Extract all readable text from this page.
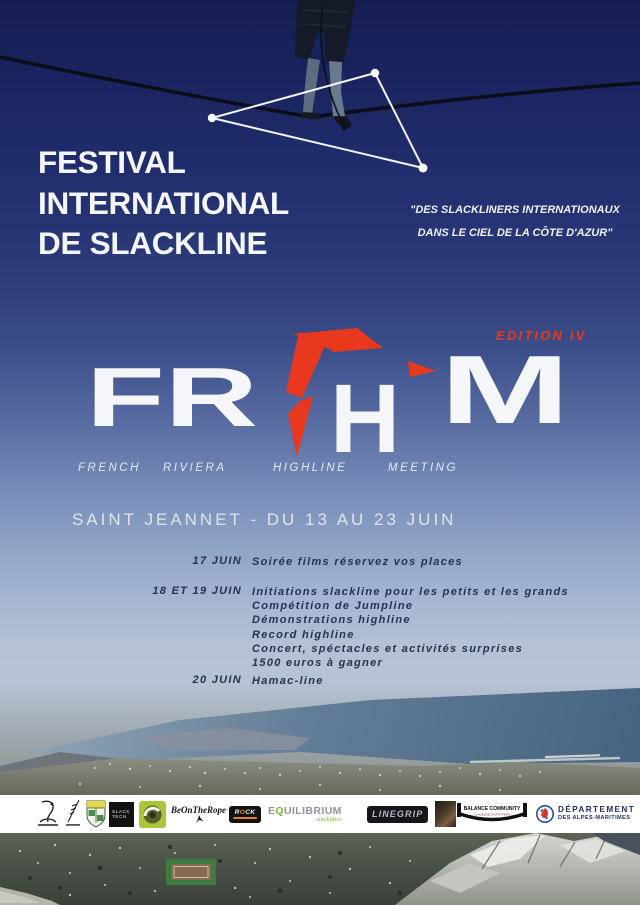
FESTIVAL
INTERNATIONAL
DE SLACKLINE
"DES SLACKLINERS INTERNATIONAUX
DANS LE CIEL DE LA CÔTE D'AZUR"
FR H M
EDITION IV
FRENCH RIVIERA	HIGHLINE	MEETING
SAINT JEANNET - DU 13 AU 23 JUIN
17 JUIN Soirée films réservez vos places
18 ET 19 JUIN Initiations slackline pour les petits et les grands
Compétition de Jumpline
Démonstrations highline
Record highline
Concert, spéctacles et activités surprises
1500 euros à gagner
20 JUIN Hamac-line
SLACK
TECH
BeOnTheRope ROCK EQUILIBRIUM
slacklines
LINEGRIP	BALANCE COMMUNITY
SLACKLINE OUTFITTERS
DÉPARTEMENT
DES ALPES-MARITIMES
